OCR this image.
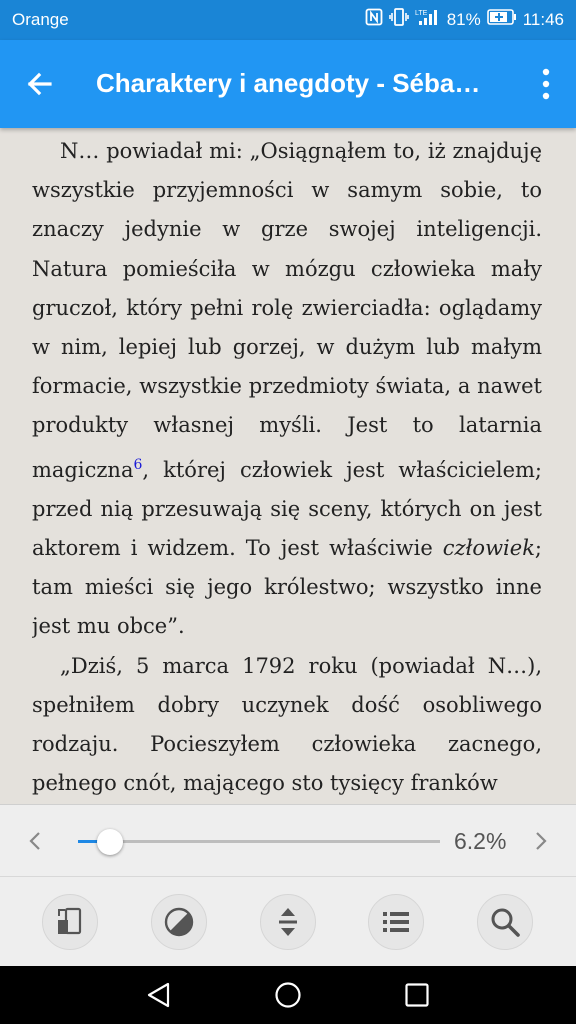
Orange	LTE 81% 11:46
Charaktery i anegdoty - Séba…

N… powiadał mi: „Osiągnąłem to, iż znajduję wszystkie przyjemności w samym sobie, to znaczy jedynie w grze swojej inteligencji. Natura pomieściła w mózgu człowieka mały gruczoł, który pełni rolę zwierciadła: oglądamy w nim, lepiej lub gorzej, w dużym lub małym formacie, wszystkie przedmioty świata, a nawet produkty własnej myśli. Jest to latarnia magiczna$^6$, której człowiek jest właścicielem; przed nią przesuwają się sceny, których on jest aktorem i widzem. To jest właściwie człowiek; tam mieści się jego królestwo; wszystko inne jest mu obce”.

„Dziś, 5 marca 1792 roku (powiadał N…), spełniłem dobry uczynek dość osobliwego rodzaju. Pocieszyłem człowieka zacnego, pełnego cnót, mającego sto tysięcy franków

6.2%
